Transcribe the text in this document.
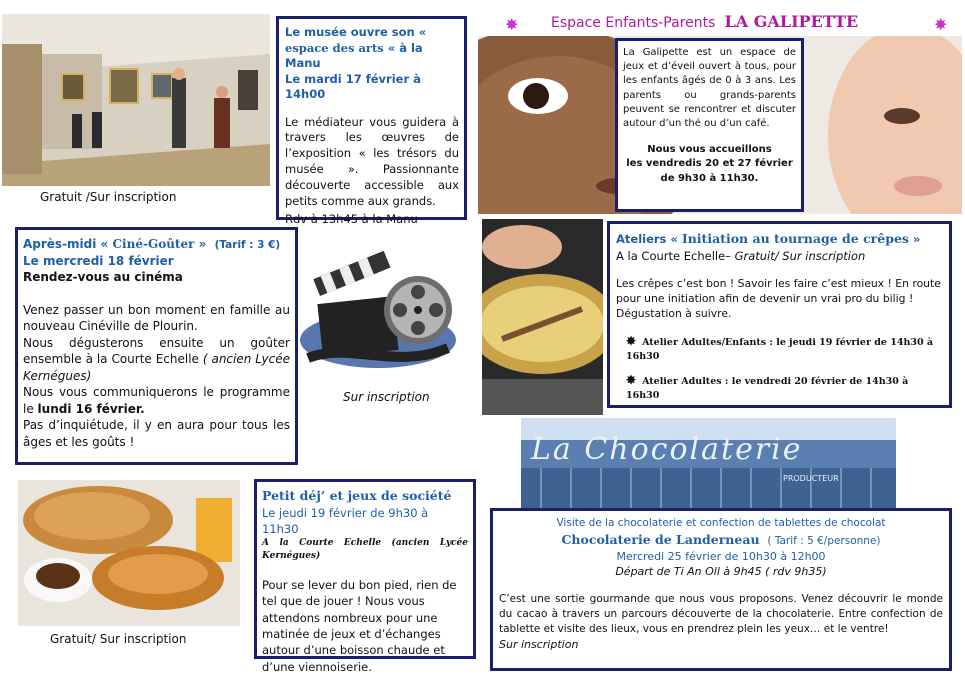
Gratuit /Sur inscription

Le musée ouvre son « espace des arts « à la Manu
Le mardi 17 février à 14h00

Le médiateur vous guidera à travers les œuvres de l’exposition « les trésors du musée ». Passionnante découverte accessible aux petits comme aux grands.

Rdv à 13h45 à la Manu

✸ Espace Enfants-Parents LA GALIPETTE	✸

La Galipette est un espace de jeux et d’éveil ouvert à tous, pour les enfants âgés de 0 à 3 ans. Les parents ou grands-parents peuvent se rencontrer et discuter autour d’un thé ou d’un café.

Nous vous accueillons
les vendredis 20 et 27 février
de 9h30 à 11h30.

Après-midi « Ciné-Goûter » (Tarif : 3 €)

Le mercredi 18 février

Rendez-vous au cinéma

Venez passer un bon moment en famille au nouveau Cinéville de Plourin.

Nous dégusterons ensuite un goûter ensemble à la Courte Echelle ( ancien Lycée Kernégues)

Nous vous communiquerons le programme le lundi 16 février.

Pas d’inquiétude, il y en aura pour tous les âges et les goûts !

Sur inscription

Ateliers « Initiation au tournage de crêpes »

A la Courte Echelle– Gratuit/ Sur inscription

Les crêpes c’est bon ! Savoir les faire c’est mieux ! En route pour une initiation afin de devenir un vrai pro du bilig ! Dégustation à suivre.

✸ Atelier Adultes/Enfants : le jeudi 19 février de 14h30 à 16h30

✸ Atelier Adultes : le vendredi 20 février de 14h30 à 16h30

La Chocolaterie
PRODUCTEUR

Visite de la chocolaterie et confection de tablettes de chocolat

Chocolaterie de Landerneau ( Tarif : 5 €/personne)

Mercredi 25 février de 10h30 à 12h00

Départ de Ti An Oll à 9h45 ( rdv 9h35)

C’est une sortie gourmande que nous vous proposons. Venez découvrir le monde du cacao à travers un parcours découverte de la chocolaterie. Entre confection de tablette et visite des lieux, vous en prendrez plein les yeux… et le ventre!

Sur inscription

Gratuit/ Sur inscription

Petit déj’ et jeux de société

Le jeudi 19 février de 9h30 à 11h30

A la Courte Echelle (ancien Lycée Kernégues)

Pour se lever du bon pied, rien de tel que de jouer ! Nous vous attendons nombreux pour une matinée de jeux et d’échanges autour d’une boisson chaude et d’une viennoiserie.
